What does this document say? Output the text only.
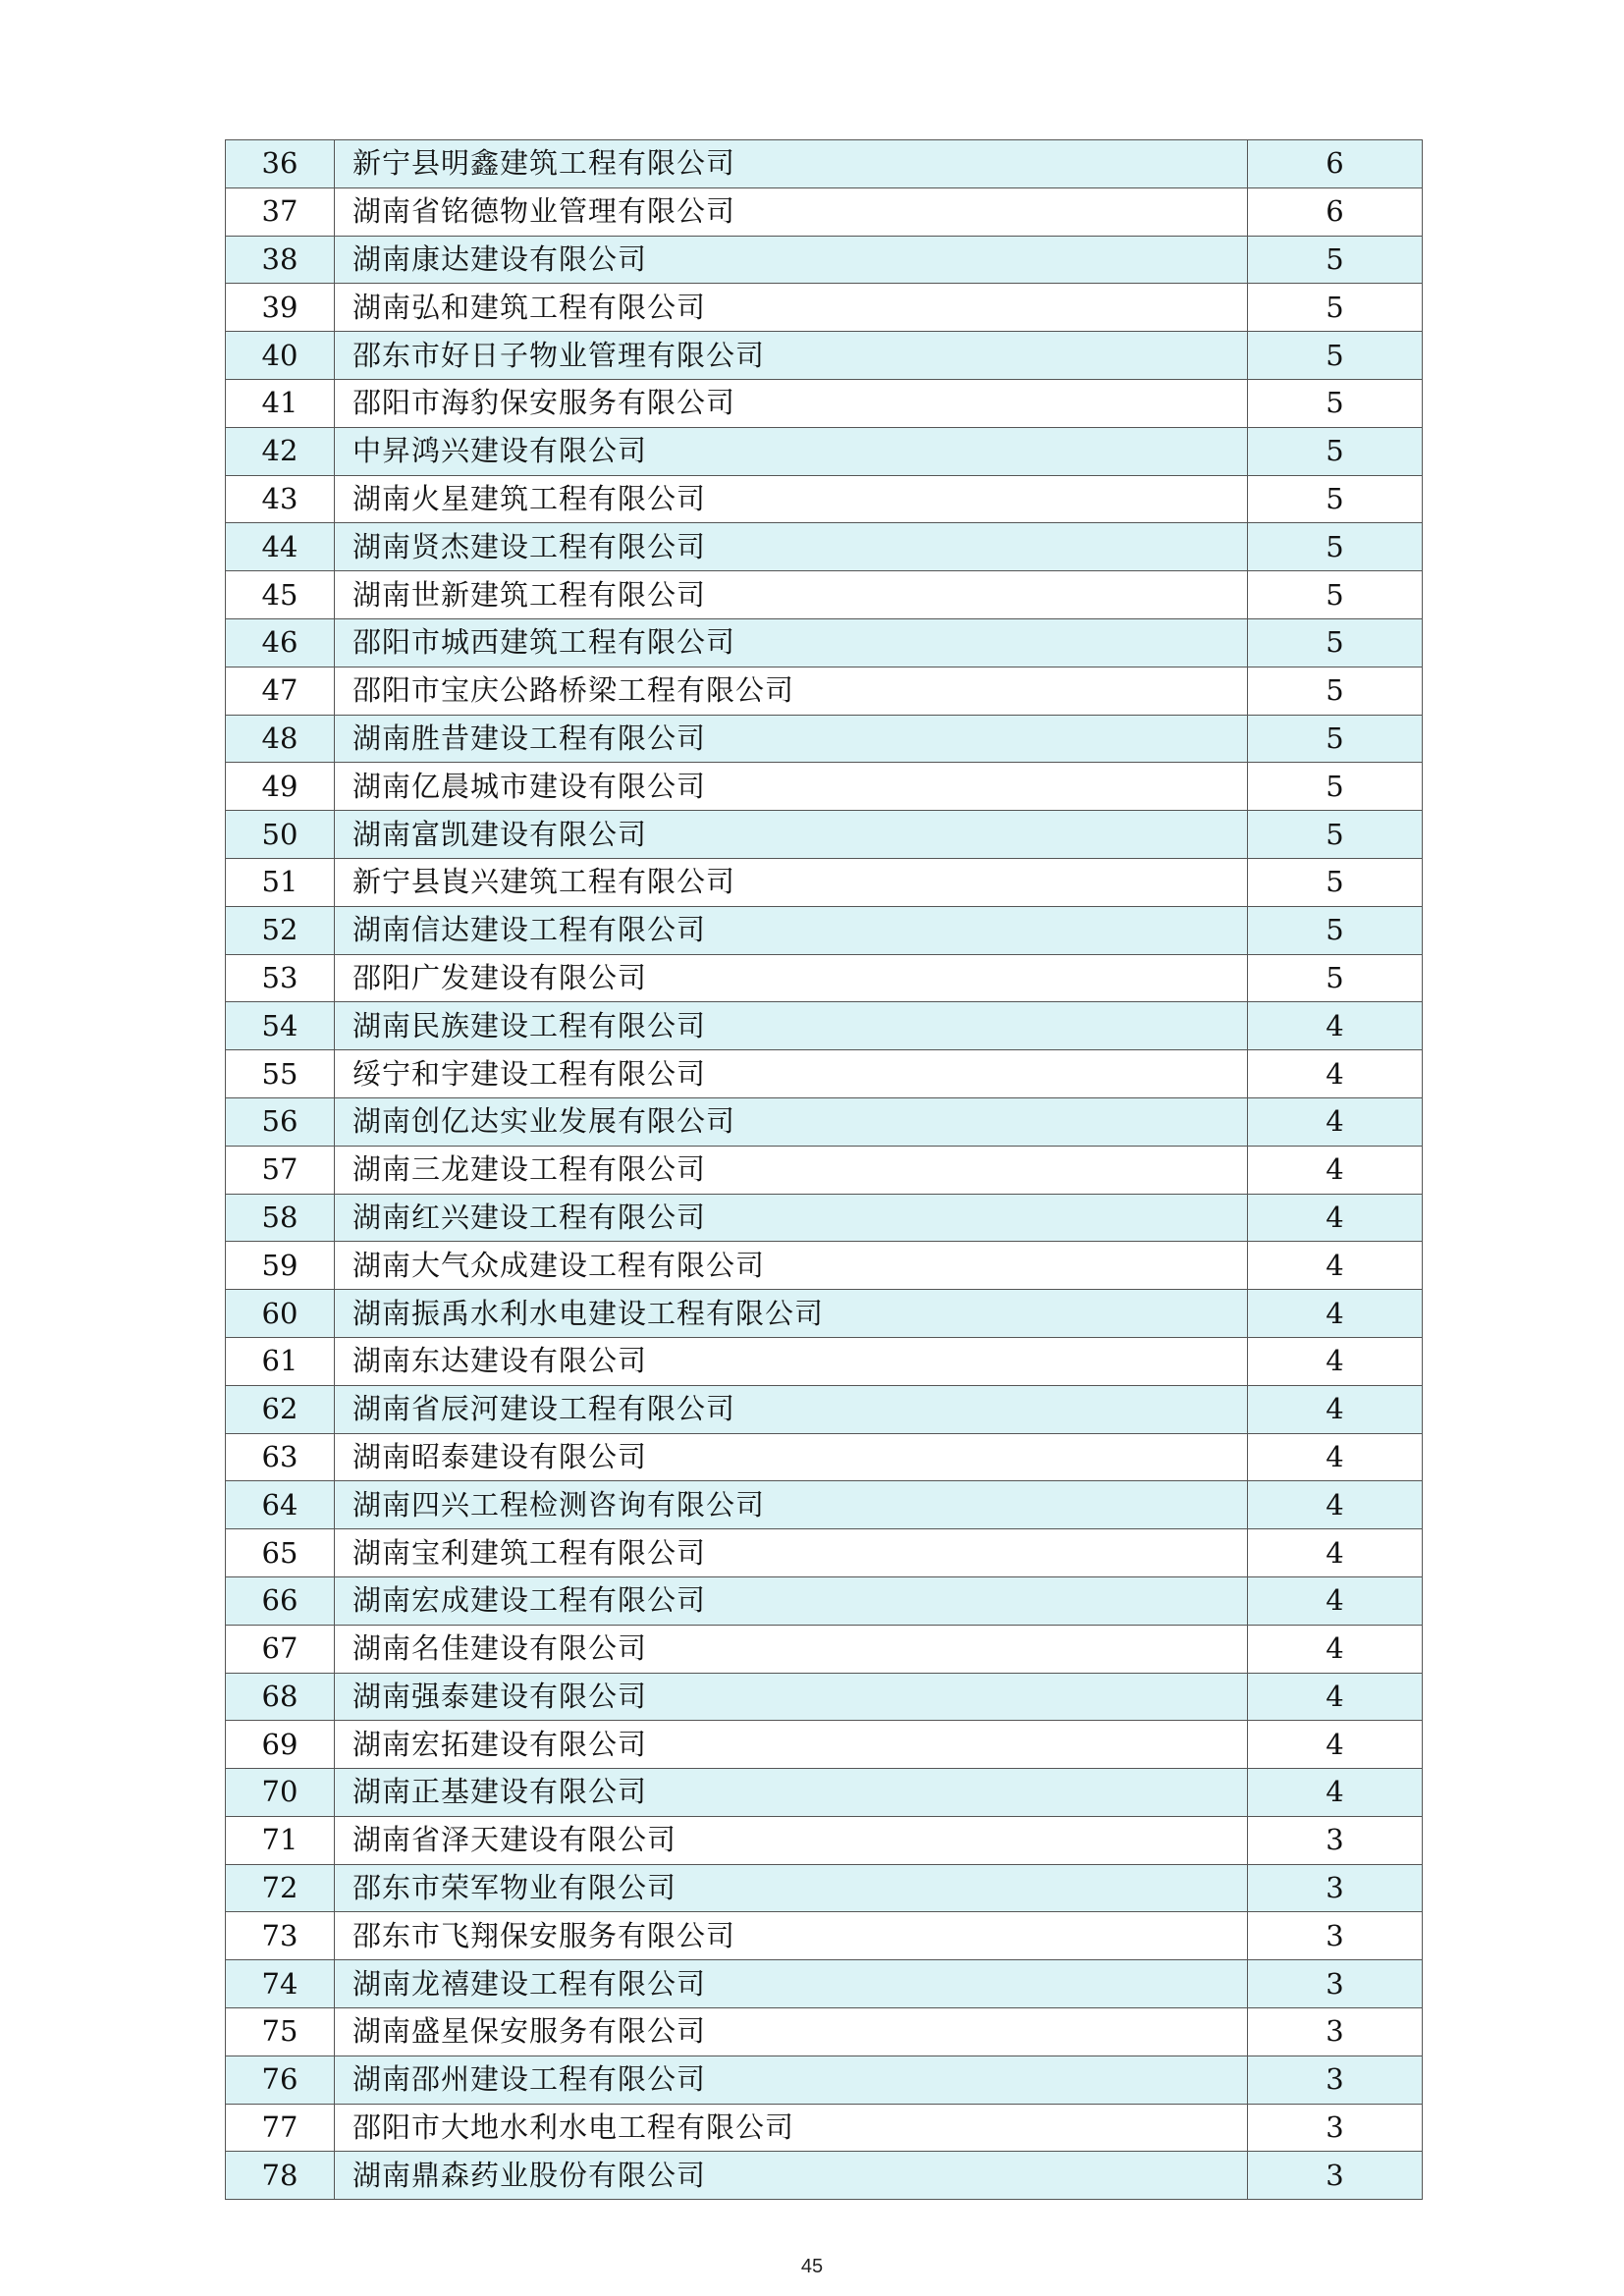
36	新宁县明鑫建筑工程有限公司	6
37	湖南省铭德物业管理有限公司	6
38	湖南康达建设有限公司	5
39	湖南弘和建筑工程有限公司	5
40	邵东市好日子物业管理有限公司	5
41	邵阳市海豹保安服务有限公司	5
42	中昇鸿兴建设有限公司	5
43	湖南火星建筑工程有限公司	5
44	湖南贤杰建设工程有限公司	5
45	湖南世新建筑工程有限公司	5
46	邵阳市城西建筑工程有限公司	5
47	邵阳市宝庆公路桥梁工程有限公司	5
48	湖南胜昔建设工程有限公司	5
49	湖南亿晨城市建设有限公司	5
50	湖南富凯建设有限公司	5
51	新宁县崀兴建筑工程有限公司	5
52	湖南信达建设工程有限公司	5
53	邵阳广发建设有限公司	5
54	湖南民族建设工程有限公司	4
55	绥宁和宇建设工程有限公司	4
56	湖南创亿达实业发展有限公司	4
57	湖南三龙建设工程有限公司	4
58	湖南红兴建设工程有限公司	4
59	湖南大气众成建设工程有限公司	4
60	湖南振禹水利水电建设工程有限公司	4
61	湖南东达建设有限公司	4
62	湖南省辰河建设工程有限公司	4
63	湖南昭泰建设有限公司	4
64	湖南四兴工程检测咨询有限公司	4
65	湖南宝利建筑工程有限公司	4
66	湖南宏成建设工程有限公司	4
67	湖南名佳建设有限公司	4
68	湖南强泰建设有限公司	4
69	湖南宏拓建设有限公司	4
70	湖南正基建设有限公司	4
71	湖南省泽天建设有限公司	3
72	邵东市荣军物业有限公司	3
73	邵东市飞翔保安服务有限公司	3
74	湖南龙禧建设工程有限公司	3
75	湖南盛星保安服务有限公司	3
76	湖南邵州建设工程有限公司	3
77	邵阳市大地水利水电工程有限公司	3
78	湖南鼎森药业股份有限公司	3
45
